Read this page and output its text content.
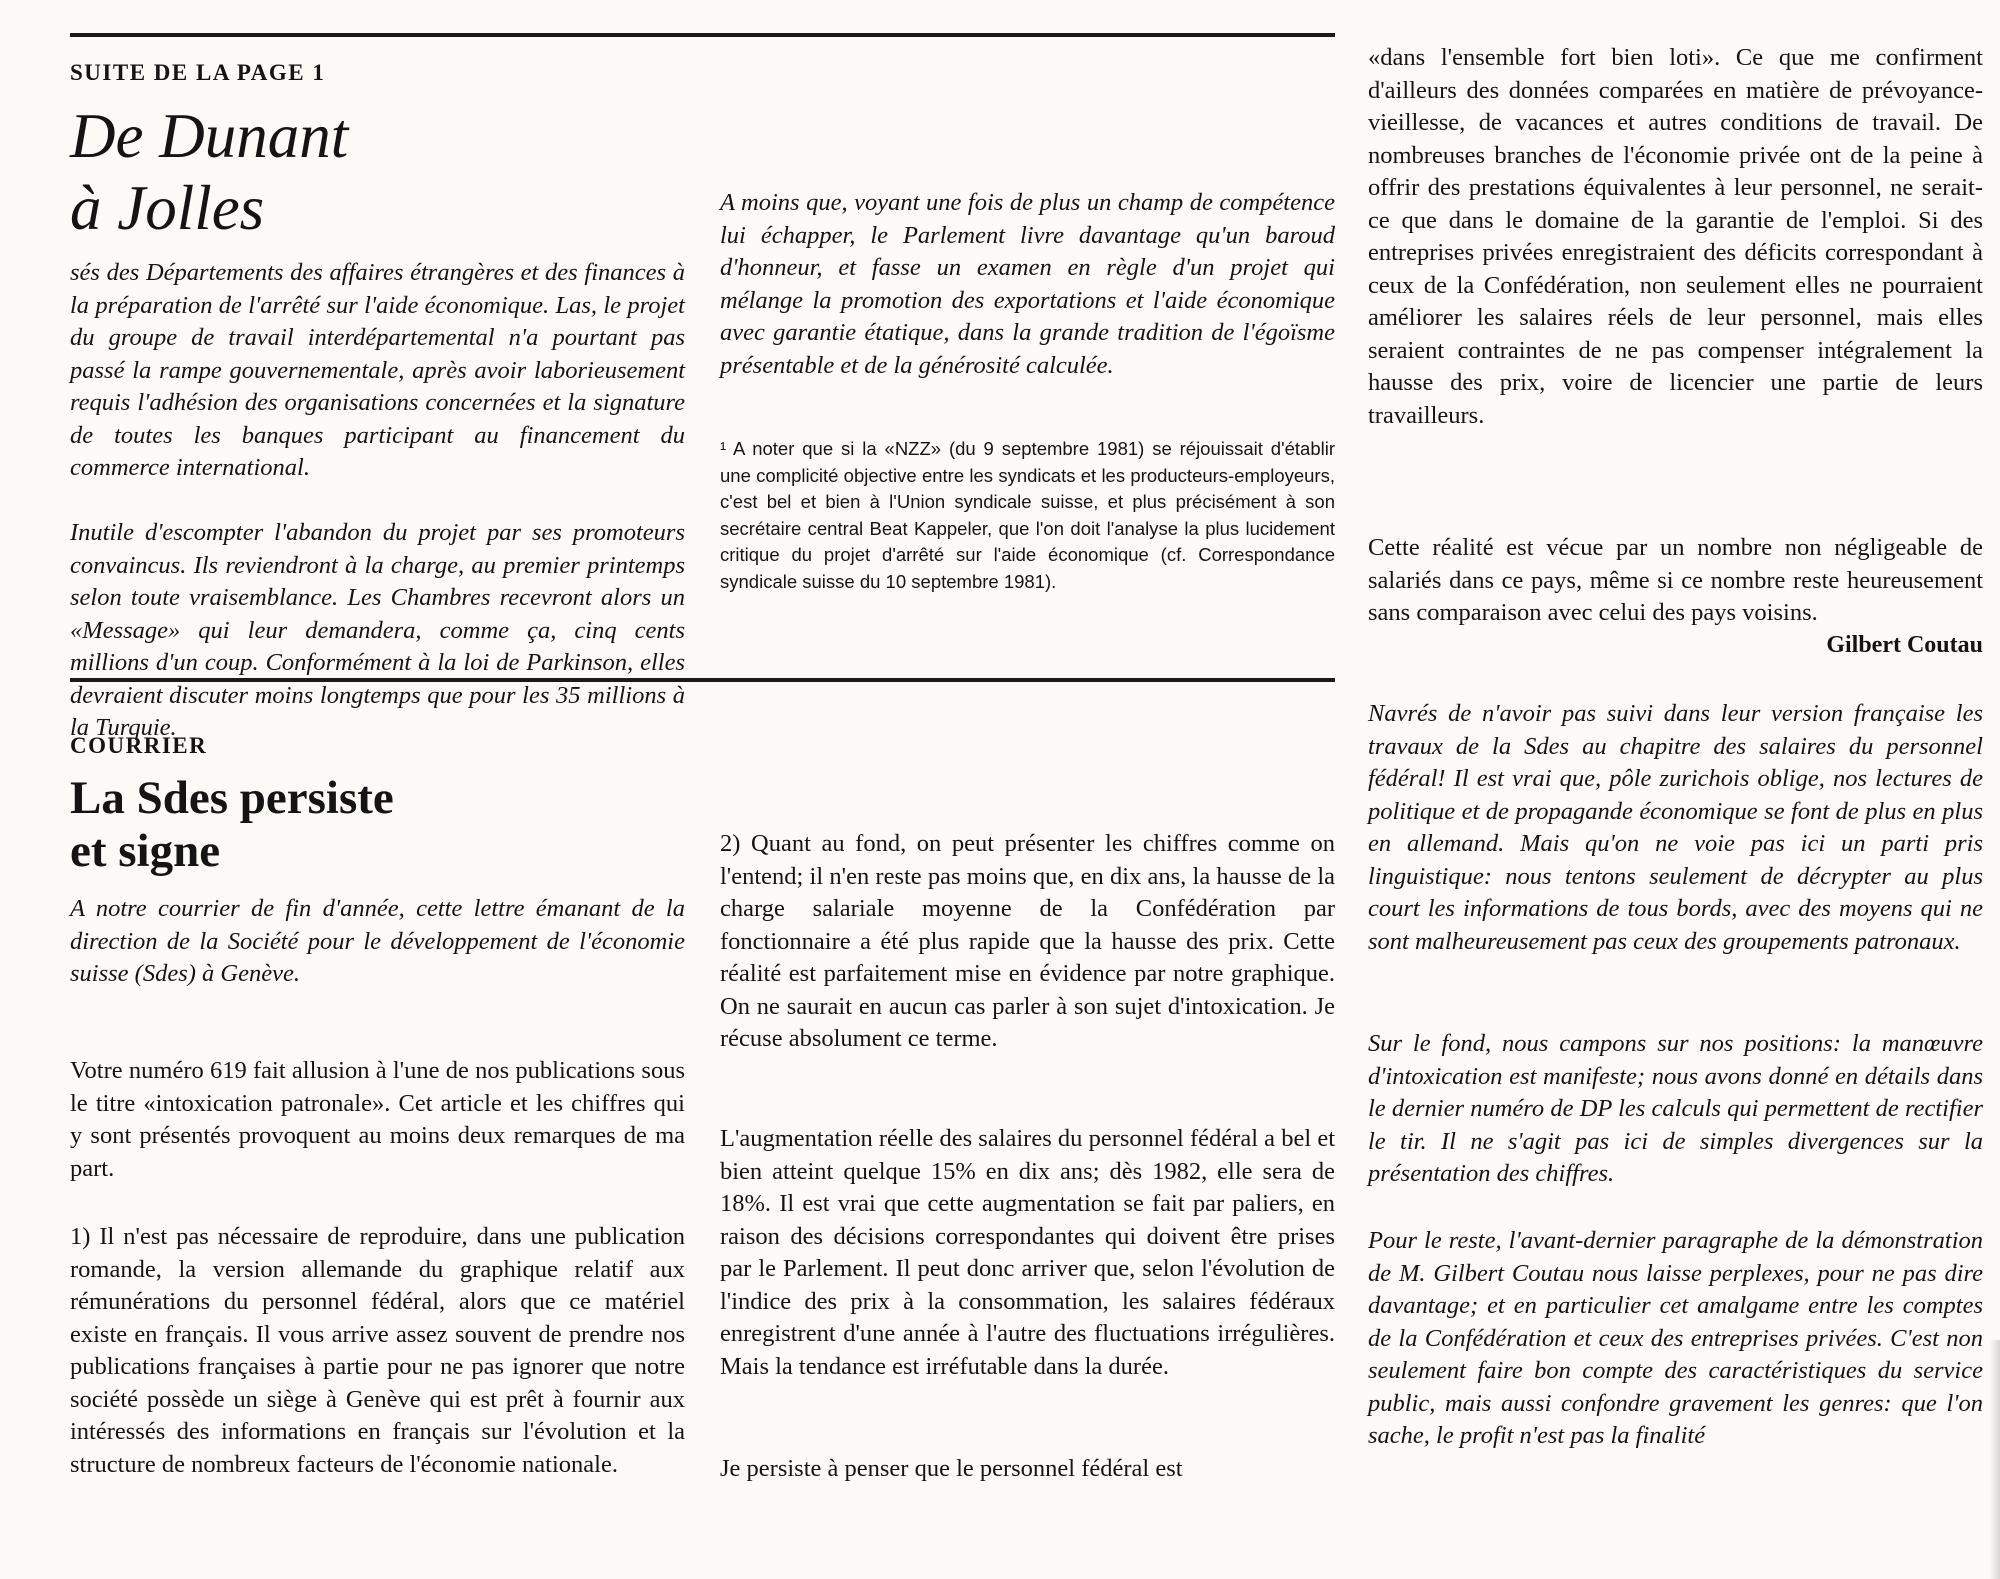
SUITE DE LA PAGE 1
De Dunant
à Jolles

sés des Départements des affaires étrangères et des finances à la préparation de l'arrêté sur l'aide économique. Las, le projet du groupe de travail interdépartemental n'a pourtant pas passé la rampe gouvernementale, après avoir laborieusement requis l'adhésion des organisations concernées et la signature de toutes les banques participant au financement du commerce international.

Inutile d'escompter l'abandon du projet par ses promoteurs convaincus. Ils reviendront à la charge, au premier printemps selon toute vraisemblance. Les Chambres recevront alors un «Message» qui leur demandera, comme ça, cinq cents millions d'un coup. Conformément à la loi de Parkinson, elles devraient discuter moins longtemps que pour les 35 millions à la Turquie.

A moins que, voyant une fois de plus un champ de compétence lui échapper, le Parlement livre davantage qu'un baroud d'honneur, et fasse un examen en règle d'un projet qui mélange la promotion des exportations et l'aide économique avec garantie étatique, dans la grande tradition de l'égoïsme présentable et de la générosité calculée.

¹ A noter que si la «NZZ» (du 9 septembre 1981) se réjouissait d'établir une complicité objective entre les syndicats et les producteurs-employeurs, c'est bel et bien à l'Union syndicale suisse, et plus précisément à son secrétaire central Beat Kappeler, que l'on doit l'analyse la plus lucidement critique du projet d'arrêté sur l'aide économique (cf. Correspondance syndicale suisse du 10 septembre 1981).

«dans l'ensemble fort bien loti». Ce que me confirment d'ailleurs des données comparées en matière de prévoyance-vieillesse, de vacances et autres conditions de travail. De nombreuses branches de l'économie privée ont de la peine à offrir des prestations équivalentes à leur personnel, ne serait-ce que dans le domaine de la garantie de l'emploi. Si des entreprises privées enregistraient des déficits correspondant à ceux de la Confédération, non seulement elles ne pourraient améliorer les salaires réels de leur personnel, mais elles seraient contraintes de ne pas compenser intégralement la hausse des prix, voire de licencier une partie de leurs travailleurs.

Cette réalité est vécue par un nombre non négligeable de salariés dans ce pays, même si ce nombre reste heureusement sans comparaison avec celui des pays voisins.

Gilbert Coutau
COURRIER
La Sdes persiste
et signe

A notre courrier de fin d'année, cette lettre émanant de la direction de la Société pour le développement de l'économie suisse (Sdes) à Genève.

Votre numéro 619 fait allusion à l'une de nos publications sous le titre «intoxication patronale». Cet article et les chiffres qui y sont présentés provoquent au moins deux remarques de ma part.

1) Il n'est pas nécessaire de reproduire, dans une publication romande, la version allemande du graphique relatif aux rémunérations du personnel fédéral, alors que ce matériel existe en français. Il vous arrive assez souvent de prendre nos publications françaises à partie pour ne pas ignorer que notre société possède un siège à Genève qui est prêt à fournir aux intéressés des informations en français sur l'évolution et la structure de nombreux facteurs de l'économie nationale.

2) Quant au fond, on peut présenter les chiffres comme on l'entend; il n'en reste pas moins que, en dix ans, la hausse de la charge salariale moyenne de la Confédération par fonctionnaire a été plus rapide que la hausse des prix. Cette réalité est parfaitement mise en évidence par notre graphique. On ne saurait en aucun cas parler à son sujet d'intoxication. Je récuse absolument ce terme.

L'augmentation réelle des salaires du personnel fédéral a bel et bien atteint quelque 15% en dix ans; dès 1982, elle sera de 18%. Il est vrai que cette augmentation se fait par paliers, en raison des décisions correspondantes qui doivent être prises par le Parlement. Il peut donc arriver que, selon l'évolution de l'indice des prix à la consommation, les salaires fédéraux enregistrent d'une année à l'autre des fluctuations irrégulières. Mais la tendance est irréfutable dans la durée.

Je persiste à penser que le personnel fédéral est

Navrés de n'avoir pas suivi dans leur version française les travaux de la Sdes au chapitre des salaires du personnel fédéral! Il est vrai que, pôle zurichois oblige, nos lectures de politique et de propagande économique se font de plus en plus en allemand. Mais qu'on ne voie pas ici un parti pris linguistique: nous tentons seulement de décrypter au plus court les informations de tous bords, avec des moyens qui ne sont malheureusement pas ceux des groupements patronaux.

Sur le fond, nous campons sur nos positions: la manœuvre d'intoxication est manifeste; nous avons donné en détails dans le dernier numéro de DP les calculs qui permettent de rectifier le tir. Il ne s'agit pas ici de simples divergences sur la présentation des chiffres.

Pour le reste, l'avant-dernier paragraphe de la démonstration de M. Gilbert Coutau nous laisse perplexes, pour ne pas dire davantage; et en particulier cet amalgame entre les comptes de la Confédération et ceux des entreprises privées. C'est non seulement faire bon compte des caractéristiques du service public, mais aussi confondre gravement les genres: que l'on sache, le profit n'est pas la finalité
